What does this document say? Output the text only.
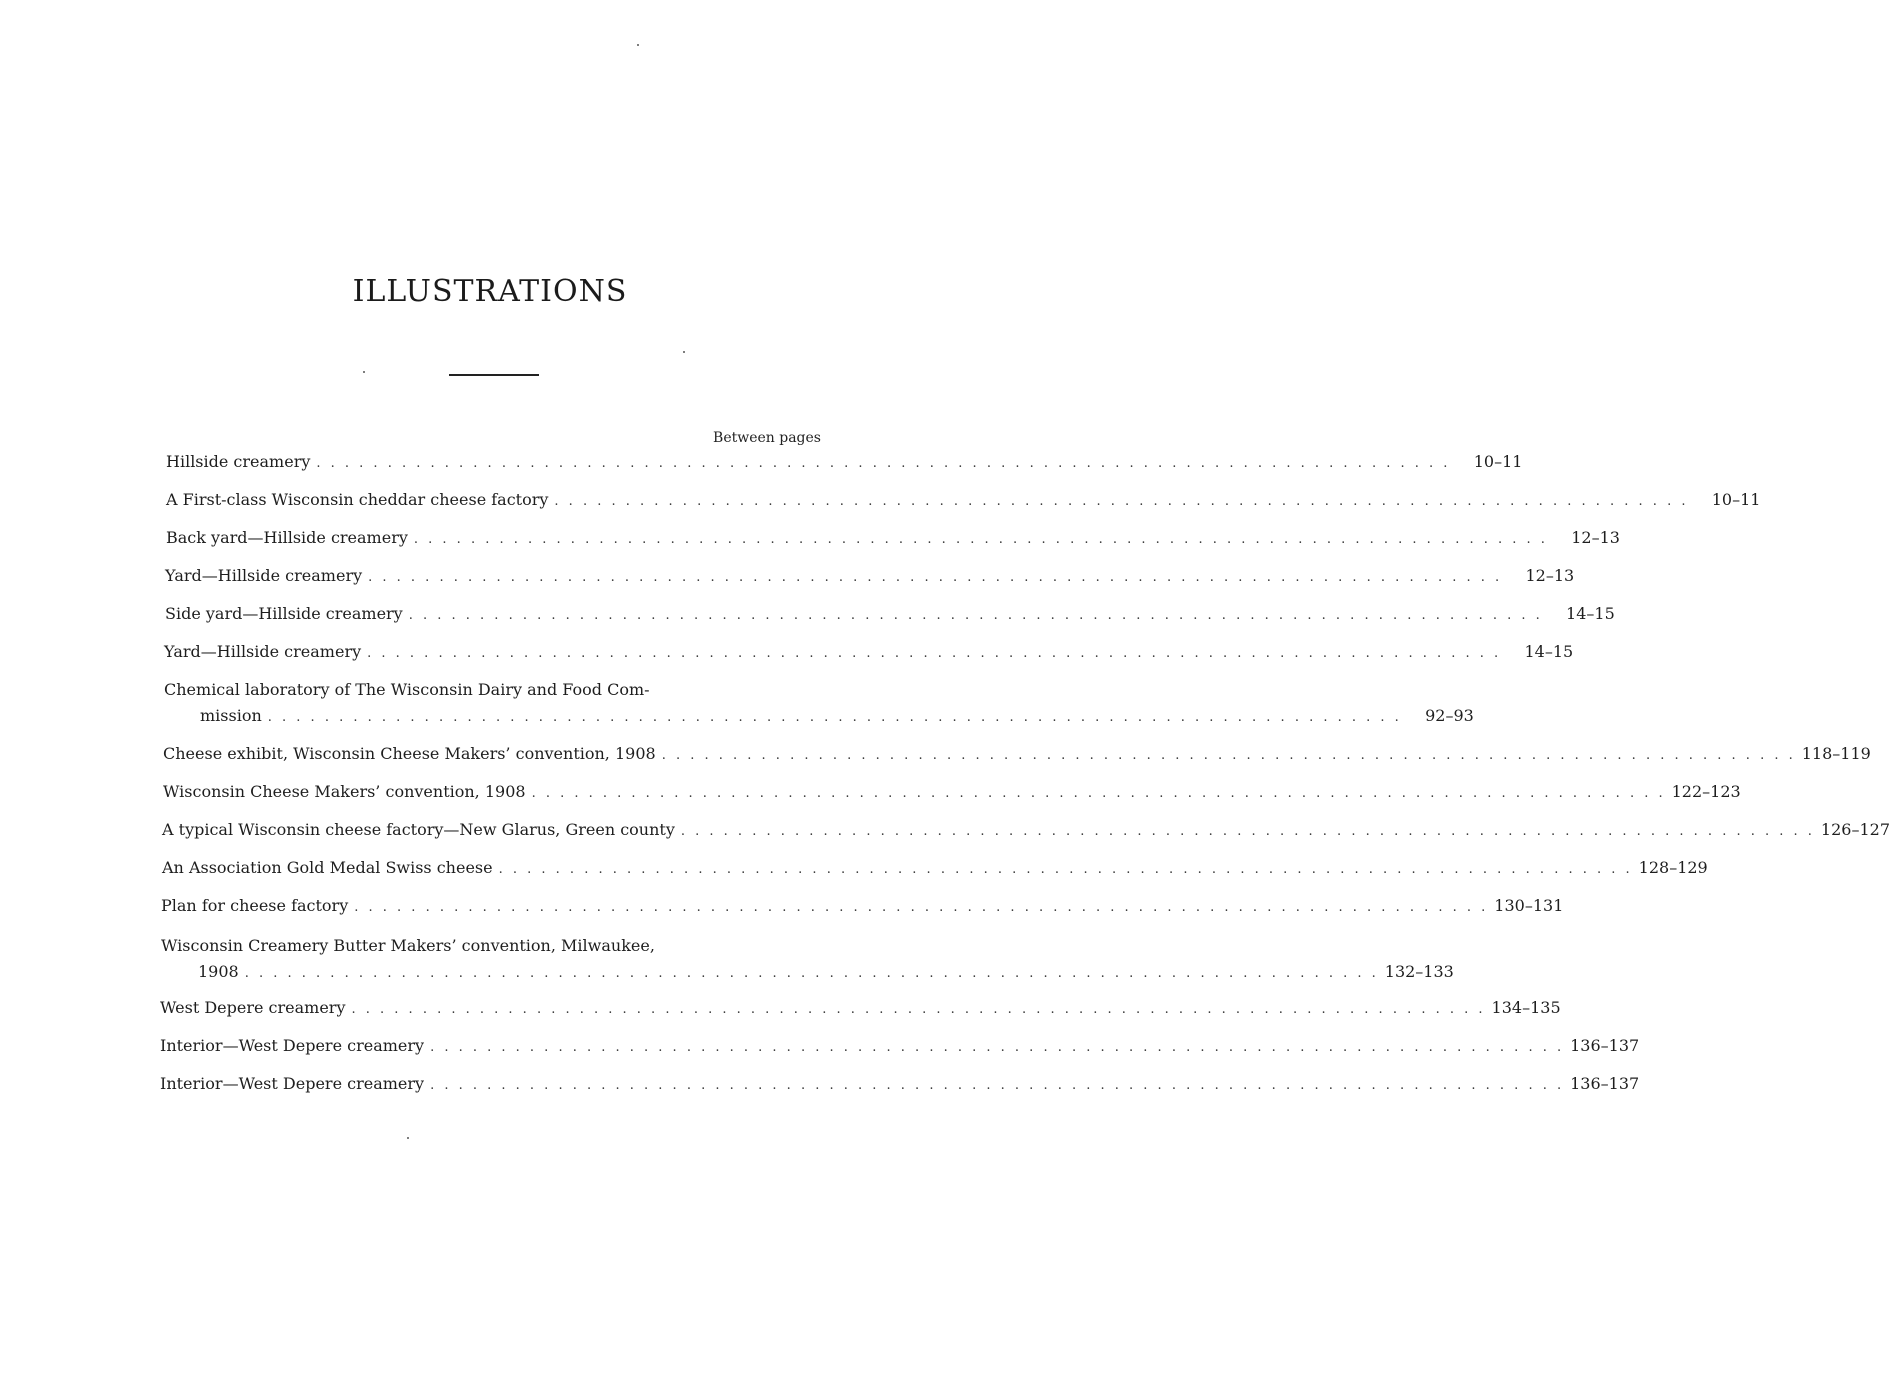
ILLUSTRATIONS
Between pages
Hillside creamery . . . . . . . . . . . . . . . . . . . . . . . . . . . . . . . . . . . . . . . . . . . . . . . . . . . . . . . . . . . . . . . . . . . . . . . . . . . . . . . .	10–11
A First-class Wisconsin cheddar cheese factory . . . . . . . . . . . . . . . . . . . . . . . . . . . . . . . . . . . . . . . . . . . . . . . . . . . . . . . . . . . . . . . . . . . . . . . . . . . . . . . .	10–11
Back yard—Hillside creamery . . . . . . . . . . . . . . . . . . . . . . . . . . . . . . . . . . . . . . . . . . . . . . . . . . . . . . . . . . . . . . . . . . . . . . . . . . . . . . . .	12–13
Yard—Hillside creamery . . . . . . . . . . . . . . . . . . . . . . . . . . . . . . . . . . . . . . . . . . . . . . . . . . . . . . . . . . . . . . . . . . . . . . . . . . . . . . . .	12–13
Side yard—Hillside creamery . . . . . . . . . . . . . . . . . . . . . . . . . . . . . . . . . . . . . . . . . . . . . . . . . . . . . . . . . . . . . . . . . . . . . . . . . . . . . . . .	14–15
Yard—Hillside creamery . . . . . . . . . . . . . . . . . . . . . . . . . . . . . . . . . . . . . . . . . . . . . . . . . . . . . . . . . . . . . . . . . . . . . . . . . . . . . . . .	14–15
Chemical laboratory of The Wisconsin Dairy and Food Com-
mission . . . . . . . . . . . . . . . . . . . . . . . . . . . . . . . . . . . . . . . . . . . . . . . . . . . . . . . . . . . . . . . . . . . . . . . . . . . . . . . .	92–93
Cheese exhibit, Wisconsin Cheese Makers’ convention, 1908 . . . . . . . . . . . . . . . . . . . . . . . . . . . . . . . . . . . . . . . . . . . . . . . . . . . . . . . . . . . . . . . . . . . . . . . . . . . . . . . . 118–119
Wisconsin Cheese Makers’ convention, 1908 . . . . . . . . . . . . . . . . . . . . . . . . . . . . . . . . . . . . . . . . . . . . . . . . . . . . . . . . . . . . . . . . . . . . . . . . . . . . . . . . 122–123
A typical Wisconsin cheese factory—New Glarus, Green county . . . . . . . . . . . . . . . . . . . . . . . . . . . . . . . . . . . . . . . . . . . . . . . . . . . . . . . . . . . . . . . . . . . . . . . . . . . . . . . . 126–127
An Association Gold Medal Swiss cheese . . . . . . . . . . . . . . . . . . . . . . . . . . . . . . . . . . . . . . . . . . . . . . . . . . . . . . . . . . . . . . . . . . . . . . . . . . . . . . . . 128–129
Plan for cheese factory . . . . . . . . . . . . . . . . . . . . . . . . . . . . . . . . . . . . . . . . . . . . . . . . . . . . . . . . . . . . . . . . . . . . . . . . . . . . . . . . 130–131
Wisconsin Creamery Butter Makers’ convention, Milwaukee,
1908 . . . . . . . . . . . . . . . . . . . . . . . . . . . . . . . . . . . . . . . . . . . . . . . . . . . . . . . . . . . . . . . . . . . . . . . . . . . . . . . . 132–133
West Depere creamery . . . . . . . . . . . . . . . . . . . . . . . . . . . . . . . . . . . . . . . . . . . . . . . . . . . . . . . . . . . . . . . . . . . . . . . . . . . . . . . . 134–135
Interior—West Depere creamery . . . . . . . . . . . . . . . . . . . . . . . . . . . . . . . . . . . . . . . . . . . . . . . . . . . . . . . . . . . . . . . . . . . . . . . . . . . . . . . . 136–137
Interior—West Depere creamery . . . . . . . . . . . . . . . . . . . . . . . . . . . . . . . . . . . . . . . . . . . . . . . . . . . . . . . . . . . . . . . . . . . . . . . . . . . . . . . . 136–137
